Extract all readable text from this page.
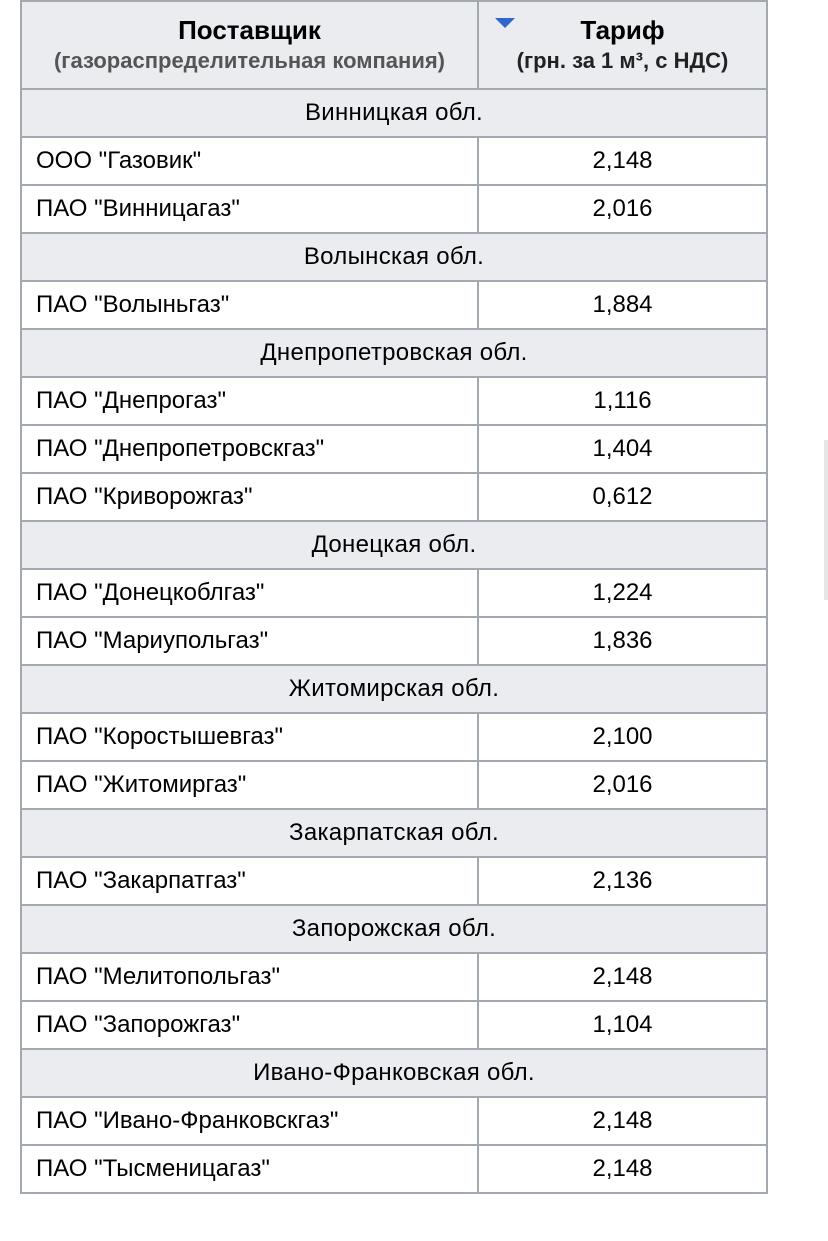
Поставщик
(газораспределительная компания)	Тариф
(грн. за 1 м³, с НДС)

Винницкая обл.	
ООО "Газовик"	2,148
ПАО "Винницагаз"	2,016
Волынская обл.	
ПАО "Волыньгаз"	1,884
Днепропетровская обл.	
ПАО "Днепрогаз"	1,116
ПАО "Днепропетровскгаз"	1,404
ПАО "Криворожгаз"	0,612
Донецкая обл.	
ПАО "Донецкоблгаз"	1,224
ПАО "Мариупольгаз"	1,836
Житомирская обл.	
ПАО "Коростышевгаз"	2,100
ПАО "Житомиргаз"	2,016
Закарпатская обл.	
ПАО "Закарпатгаз"	2,136
Запорожская обл.	
ПАО "Мелитопольгаз"	2,148
ПАО "Запорожгаз"	1,104
Ивано-Франковская обл.	
ПАО "Ивано-Франковскгаз"	2,148
ПАО "Тысменицагаз"	2,148
